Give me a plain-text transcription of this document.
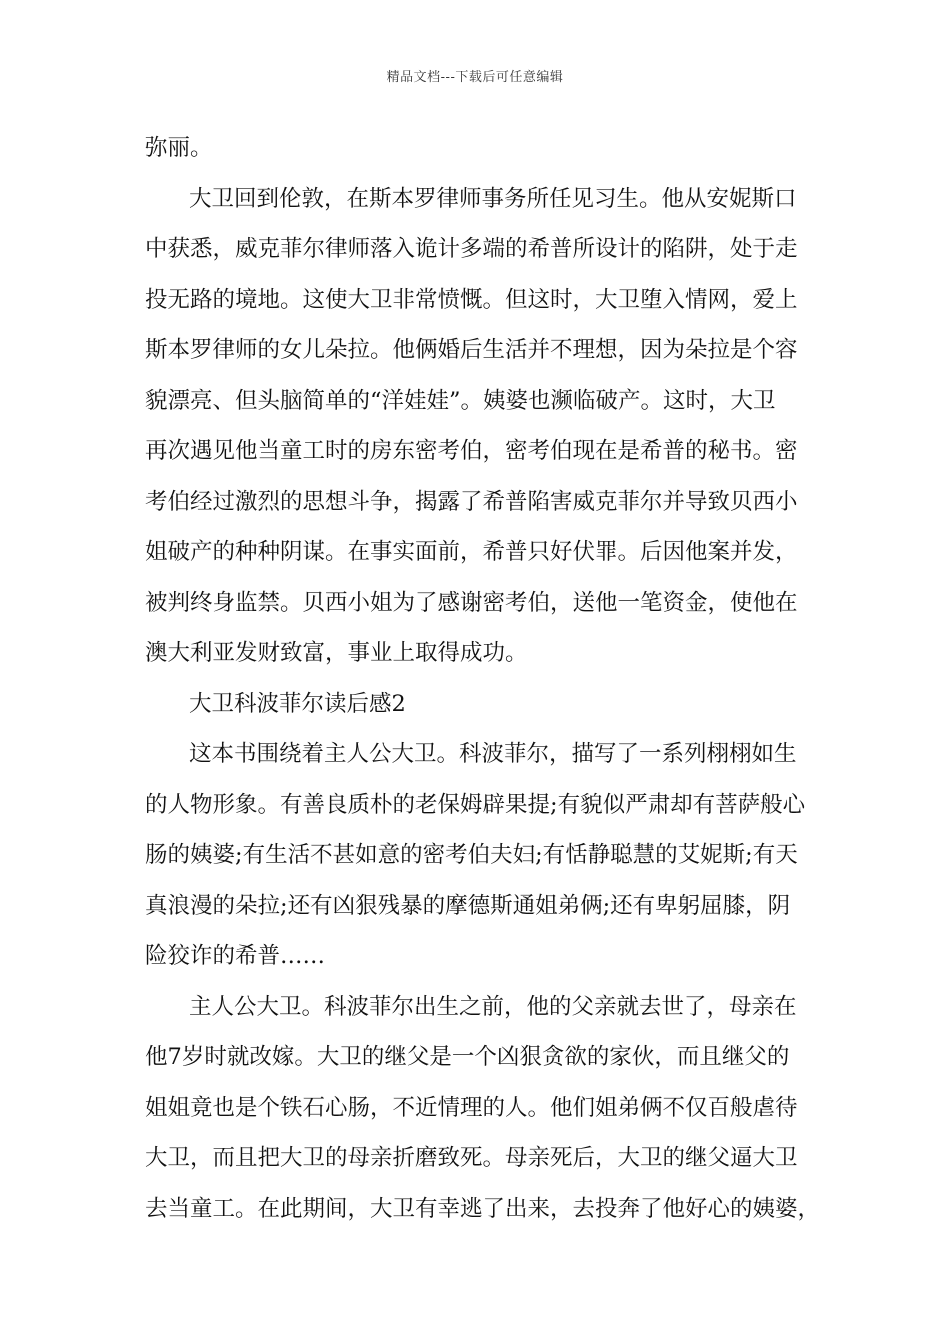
精品文档---下载后可任意编辑
弥丽。
大卫回到伦敦，在斯本罗律师事务所任见习生。他从安妮斯口
中获悉，威克菲尔律师落入诡计多端的希普所设计的陷阱，处于走
投无路的境地。这使大卫非常愤慨。但这时，大卫堕入情网，爱上
斯本罗律师的女儿朵拉。他俩婚后生活并不理想，因为朵拉是个容
貌漂亮、但头脑简单的“洋娃娃”。姨婆也濒临破产。这时，大卫
再次遇见他当童工时的房东密考伯，密考伯现在是希普的秘书。密
考伯经过激烈的思想斗争，揭露了希普陷害威克菲尔并导致贝西小
姐破产的种种阴谋。在事实面前，希普只好伏罪。后因他案并发，
被判终身监禁。贝西小姐为了感谢密考伯，送他一笔资金，使他在
澳大利亚发财致富，事业上取得成功。
大卫科波菲尔读后感2
这本书围绕着主人公大卫。科波菲尔，描写了一系列栩栩如生
的人物形象。有善良质朴的老保姆辟果提;有貌似严肃却有菩萨般心
肠的姨婆;有生活不甚如意的密考伯夫妇;有恬静聪慧的艾妮斯;有天
真浪漫的朵拉;还有凶狠残暴的摩德斯通姐弟俩;还有卑躬屈膝，阴
险狡诈的希普……
主人公大卫。科波菲尔出生之前，他的父亲就去世了，母亲在
他7岁时就改嫁。大卫的继父是一个凶狠贪欲的家伙，而且继父的
姐姐竟也是个铁石心肠，不近情理的人。他们姐弟俩不仅百般虐待
大卫，而且把大卫的母亲折磨致死。母亲死后，大卫的继父逼大卫
去当童工。在此期间，大卫有幸逃了出来，去投奔了他好心的姨婆，
